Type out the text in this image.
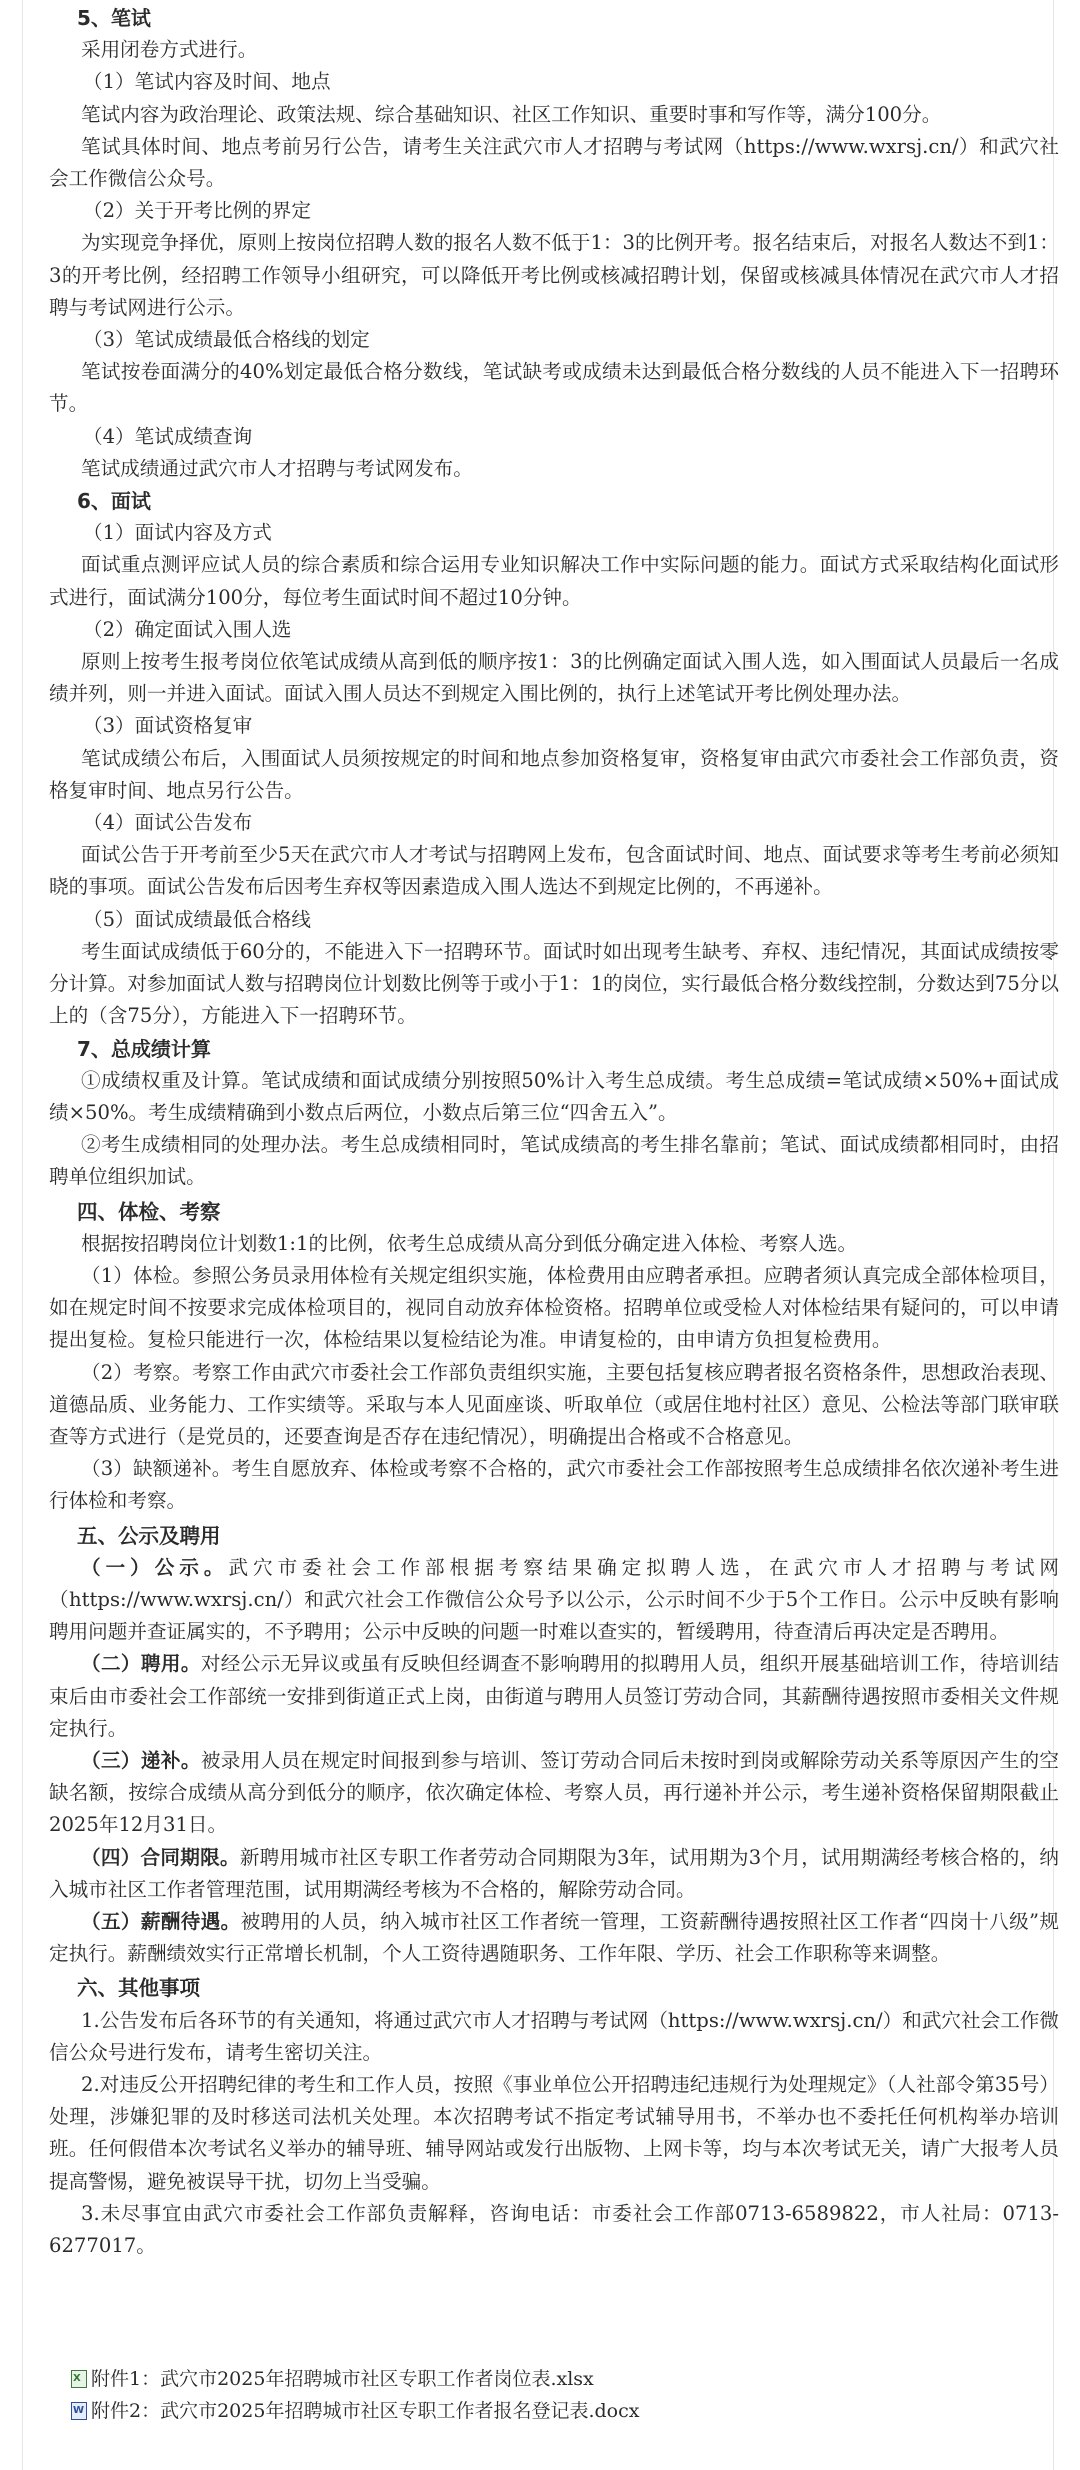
5、笔试

采用闭卷方式进行。

（1）笔试内容及时间、地点

笔试内容为政治理论、政策法规、综合基础知识、社区工作知识、重要时事和写作等，满分100分。

笔试具体时间、地点考前另行公告，请考生关注武穴市人才招聘与考试网（https://www.wxrsj.cn/）和武穴社会工作微信公众号。

（2）关于开考比例的界定

为实现竞争择优，原则上按岗位招聘人数的报名人数不低于1：3的比例开考。报名结束后，对报名人数达不到1：3的开考比例，经招聘工作领导小组研究，可以降低开考比例或核减招聘计划，保留或核减具体情况在武穴市人才招聘与考试网进行公示。

（3）笔试成绩最低合格线的划定

笔试按卷面满分的40%划定最低合格分数线，笔试缺考或成绩未达到最低合格分数线的人员不能进入下一招聘环节。

（4）笔试成绩查询

笔试成绩通过武穴市人才招聘与考试网发布。

6、面试

（1）面试内容及方式

面试重点测评应试人员的综合素质和综合运用专业知识解决工作中实际问题的能力。面试方式采取结构化面试形式进行，面试满分100分，每位考生面试时间不超过10分钟。

（2）确定面试入围人选

原则上按考生报考岗位依笔试成绩从高到低的顺序按1：3的比例确定面试入围人选，如入围面试人员最后一名成绩并列，则一并进入面试。面试入围人员达不到规定入围比例的，执行上述笔试开考比例处理办法。

（3）面试资格复审

笔试成绩公布后，入围面试人员须按规定的时间和地点参加资格复审，资格复审由武穴市委社会工作部负责，资格复审时间、地点另行公告。

（4）面试公告发布

面试公告于开考前至少5天在武穴市人才考试与招聘网上发布，包含面试时间、地点、面试要求等考生考前必须知晓的事项。面试公告发布后因考生弃权等因素造成入围人选达不到规定比例的，不再递补。

（5）面试成绩最低合格线

考生面试成绩低于60分的，不能进入下一招聘环节。面试时如出现考生缺考、弃权、违纪情况，其面试成绩按零分计算。对参加面试人数与招聘岗位计划数比例等于或小于1：1的岗位，实行最低合格分数线控制，分数达到75分以上的（含75分），方能进入下一招聘环节。

7、总成绩计算

①成绩权重及计算。笔试成绩和面试成绩分别按照50%计入考生总成绩。考生总成绩=笔试成绩×50%+面试成绩×50%。考生成绩精确到小数点后两位，小数点后第三位“四舍五入”。

②考生成绩相同的处理办法。考生总成绩相同时，笔试成绩高的考生排名靠前；笔试、面试成绩都相同时，由招聘单位组织加试。

四、体检、考察

根据按招聘岗位计划数1:1的比例，依考生总成绩从高分到低分确定进入体检、考察人选。

（1）体检。参照公务员录用体检有关规定组织实施，体检费用由应聘者承担。应聘者须认真完成全部体检项目，如在规定时间不按要求完成体检项目的，视同自动放弃体检资格。招聘单位或受检人对体检结果有疑问的，可以申请提出复检。复检只能进行一次，体检结果以复检结论为准。申请复检的，由申请方负担复检费用。

（2）考察。考察工作由武穴市委社会工作部负责组织实施，主要包括复核应聘者报名资格条件，思想政治表现、道德品质、业务能力、工作实绩等。采取与本人见面座谈、听取单位（或居住地村社区）意见、公检法等部门联审联查等方式进行（是党员的，还要查询是否存在违纪情况），明确提出合格或不合格意见。

（3）缺额递补。考生自愿放弃、体检或考察不合格的，武穴市委社会工作部按照考生总成绩排名依次递补考生进行体检和考察。

五、公示及聘用

（一）公示。武穴市委社会工作部根据考察结果确定拟聘人选，在武穴市人才招聘与考试网（https://www.wxrsj.cn/）和武穴社会工作微信公众号予以公示，公示时间不少于5个工作日。公示中反映有影响聘用问题并查证属实的，不予聘用；公示中反映的问题一时难以查实的，暂缓聘用，待查清后再决定是否聘用。

（二）聘用。对经公示无异议或虽有反映但经调查不影响聘用的拟聘用人员，组织开展基础培训工作，待培训结束后由市委社会工作部统一安排到街道正式上岗，由街道与聘用人员签订劳动合同，其薪酬待遇按照市委相关文件规定执行。

（三）递补。被录用人员在规定时间报到参与培训、签订劳动合同后未按时到岗或解除劳动关系等原因产生的空缺名额，按综合成绩从高分到低分的顺序，依次确定体检、考察人员，再行递补并公示，考生递补资格保留期限截止2025年12月31日。

（四）合同期限。新聘用城市社区专职工作者劳动合同期限为3年，试用期为3个月，试用期满经考核合格的，纳入城市社区工作者管理范围，试用期满经考核为不合格的，解除劳动合同。

（五）薪酬待遇。被聘用的人员，纳入城市社区工作者统一管理，工资薪酬待遇按照社区工作者“四岗十八级”规定执行。薪酬绩效实行正常增长机制，个人工资待遇随职务、工作年限、学历、社会工作职称等来调整。

六、其他事项

1.公告发布后各环节的有关通知，将通过武穴市人才招聘与考试网（https://www.wxrsj.cn/）和武穴社会工作微信公众号进行发布，请考生密切关注。

2.对违反公开招聘纪律的考生和工作人员，按照《事业单位公开招聘违纪违规行为处理规定》（人社部令第35号）处理，涉嫌犯罪的及时移送司法机关处理。本次招聘考试不指定考试辅导用书，不举办也不委托任何机构举办培训班。任何假借本次考试名义举办的辅导班、辅导网站或发行出版物、上网卡等，均与本次考试无关，请广大报考人员提高警惕，避免被误导干扰，切勿上当受骗。

3.未尽事宜由武穴市委社会工作部负责解释，咨询电话：市委社会工作部0713-6589822，市人社局：0713-6277017。

X 附件1：武穴市2025年招聘城市社区专职工作者岗位表.xlsx
W 附件2：武穴市2025年招聘城市社区专职工作者报名登记表.docx
